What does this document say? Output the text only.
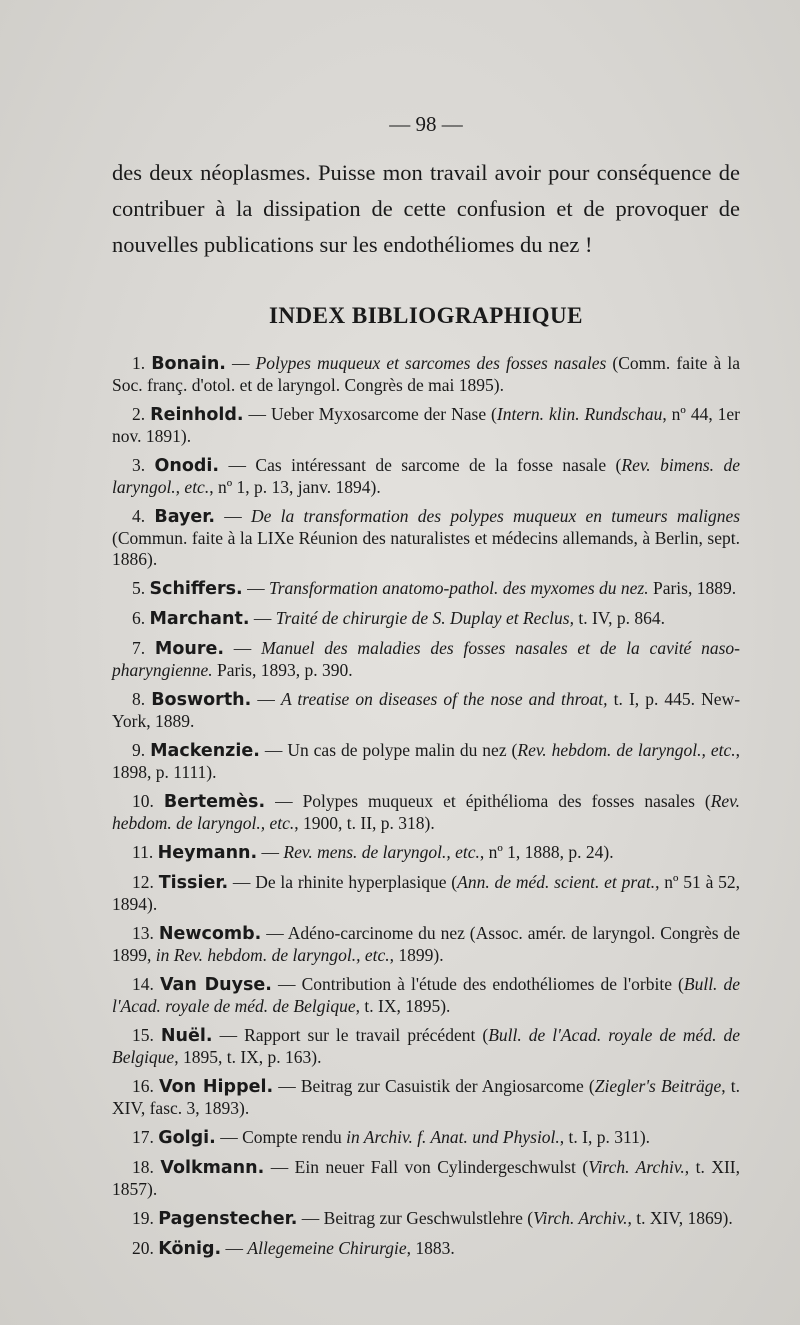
— 98 —

des deux néoplasmes. Puisse mon travail avoir pour conséquence de contribuer à la dissipation de cette confusion et de provoquer de nouvelles publications sur les endothéliomes du nez !

INDEX BIBLIOGRAPHIQUE
1. Bonain. — Polypes muqueux et sarcomes des fosses nasales (Comm. faite à la Soc. franç. d'otol. et de laryngol. Congrès de mai 1895).
2. Reinhold. — Ueber Myxosarcome der Nase (Intern. klin. Rundschau, nº 44, 1er nov. 1891).
3. Onodi. — Cas intéressant de sarcome de la fosse nasale (Rev. bimens. de laryngol., etc., nº 1, p. 13, janv. 1894).
4. Bayer. — De la transformation des polypes muqueux en tumeurs malignes (Commun. faite à la LIXe Réunion des naturalistes et médecins allemands, à Berlin, sept. 1886).
5. Schiffers. — Transformation anatomo-pathol. des myxomes du nez. Paris, 1889.
6. Marchant. — Traité de chirurgie de S. Duplay et Reclus, t. IV, p. 864.
7. Moure. — Manuel des maladies des fosses nasales et de la cavité naso-pharyngienne. Paris, 1893, p. 390.
8. Bosworth. — A treatise on diseases of the nose and throat, t. I, p. 445. New-York, 1889.
9. Mackenzie. — Un cas de polype malin du nez (Rev. hebdom. de laryngol., etc., 1898, p. 1111).
10. Bertemès. — Polypes muqueux et épithélioma des fosses nasales (Rev. hebdom. de laryngol., etc., 1900, t. II, p. 318).
11. Heymann. — Rev. mens. de laryngol., etc., nº 1, 1888, p. 24).
12. Tissier. — De la rhinite hyperplasique (Ann. de méd. scient. et prat., nº 51 à 52, 1894).
13. Newcomb. — Adéno-carcinome du nez (Assoc. amér. de laryngol. Congrès de 1899, in Rev. hebdom. de laryngol., etc., 1899).
14. Van Duyse. — Contribution à l'étude des endothéliomes de l'orbite (Bull. de l'Acad. royale de méd. de Belgique, t. IX, 1895).
15. Nuël. — Rapport sur le travail précédent (Bull. de l'Acad. royale de méd. de Belgique, 1895, t. IX, p. 163).
16. Von Hippel. — Beitrag zur Casuistik der Angiosarcome (Ziegler's Beiträge, t. XIV, fasc. 3, 1893).
17. Golgi. — Compte rendu in Archiv. f. Anat. und Physiol., t. I, p. 311).
18. Volkmann. — Ein neuer Fall von Cylindergeschwulst (Virch. Archiv., t. XII, 1857).
19. Pagenstecher. — Beitrag zur Geschwulstlehre (Virch. Archiv., t. XIV, 1869).
20. König. — Allegemeine Chirurgie, 1883.
